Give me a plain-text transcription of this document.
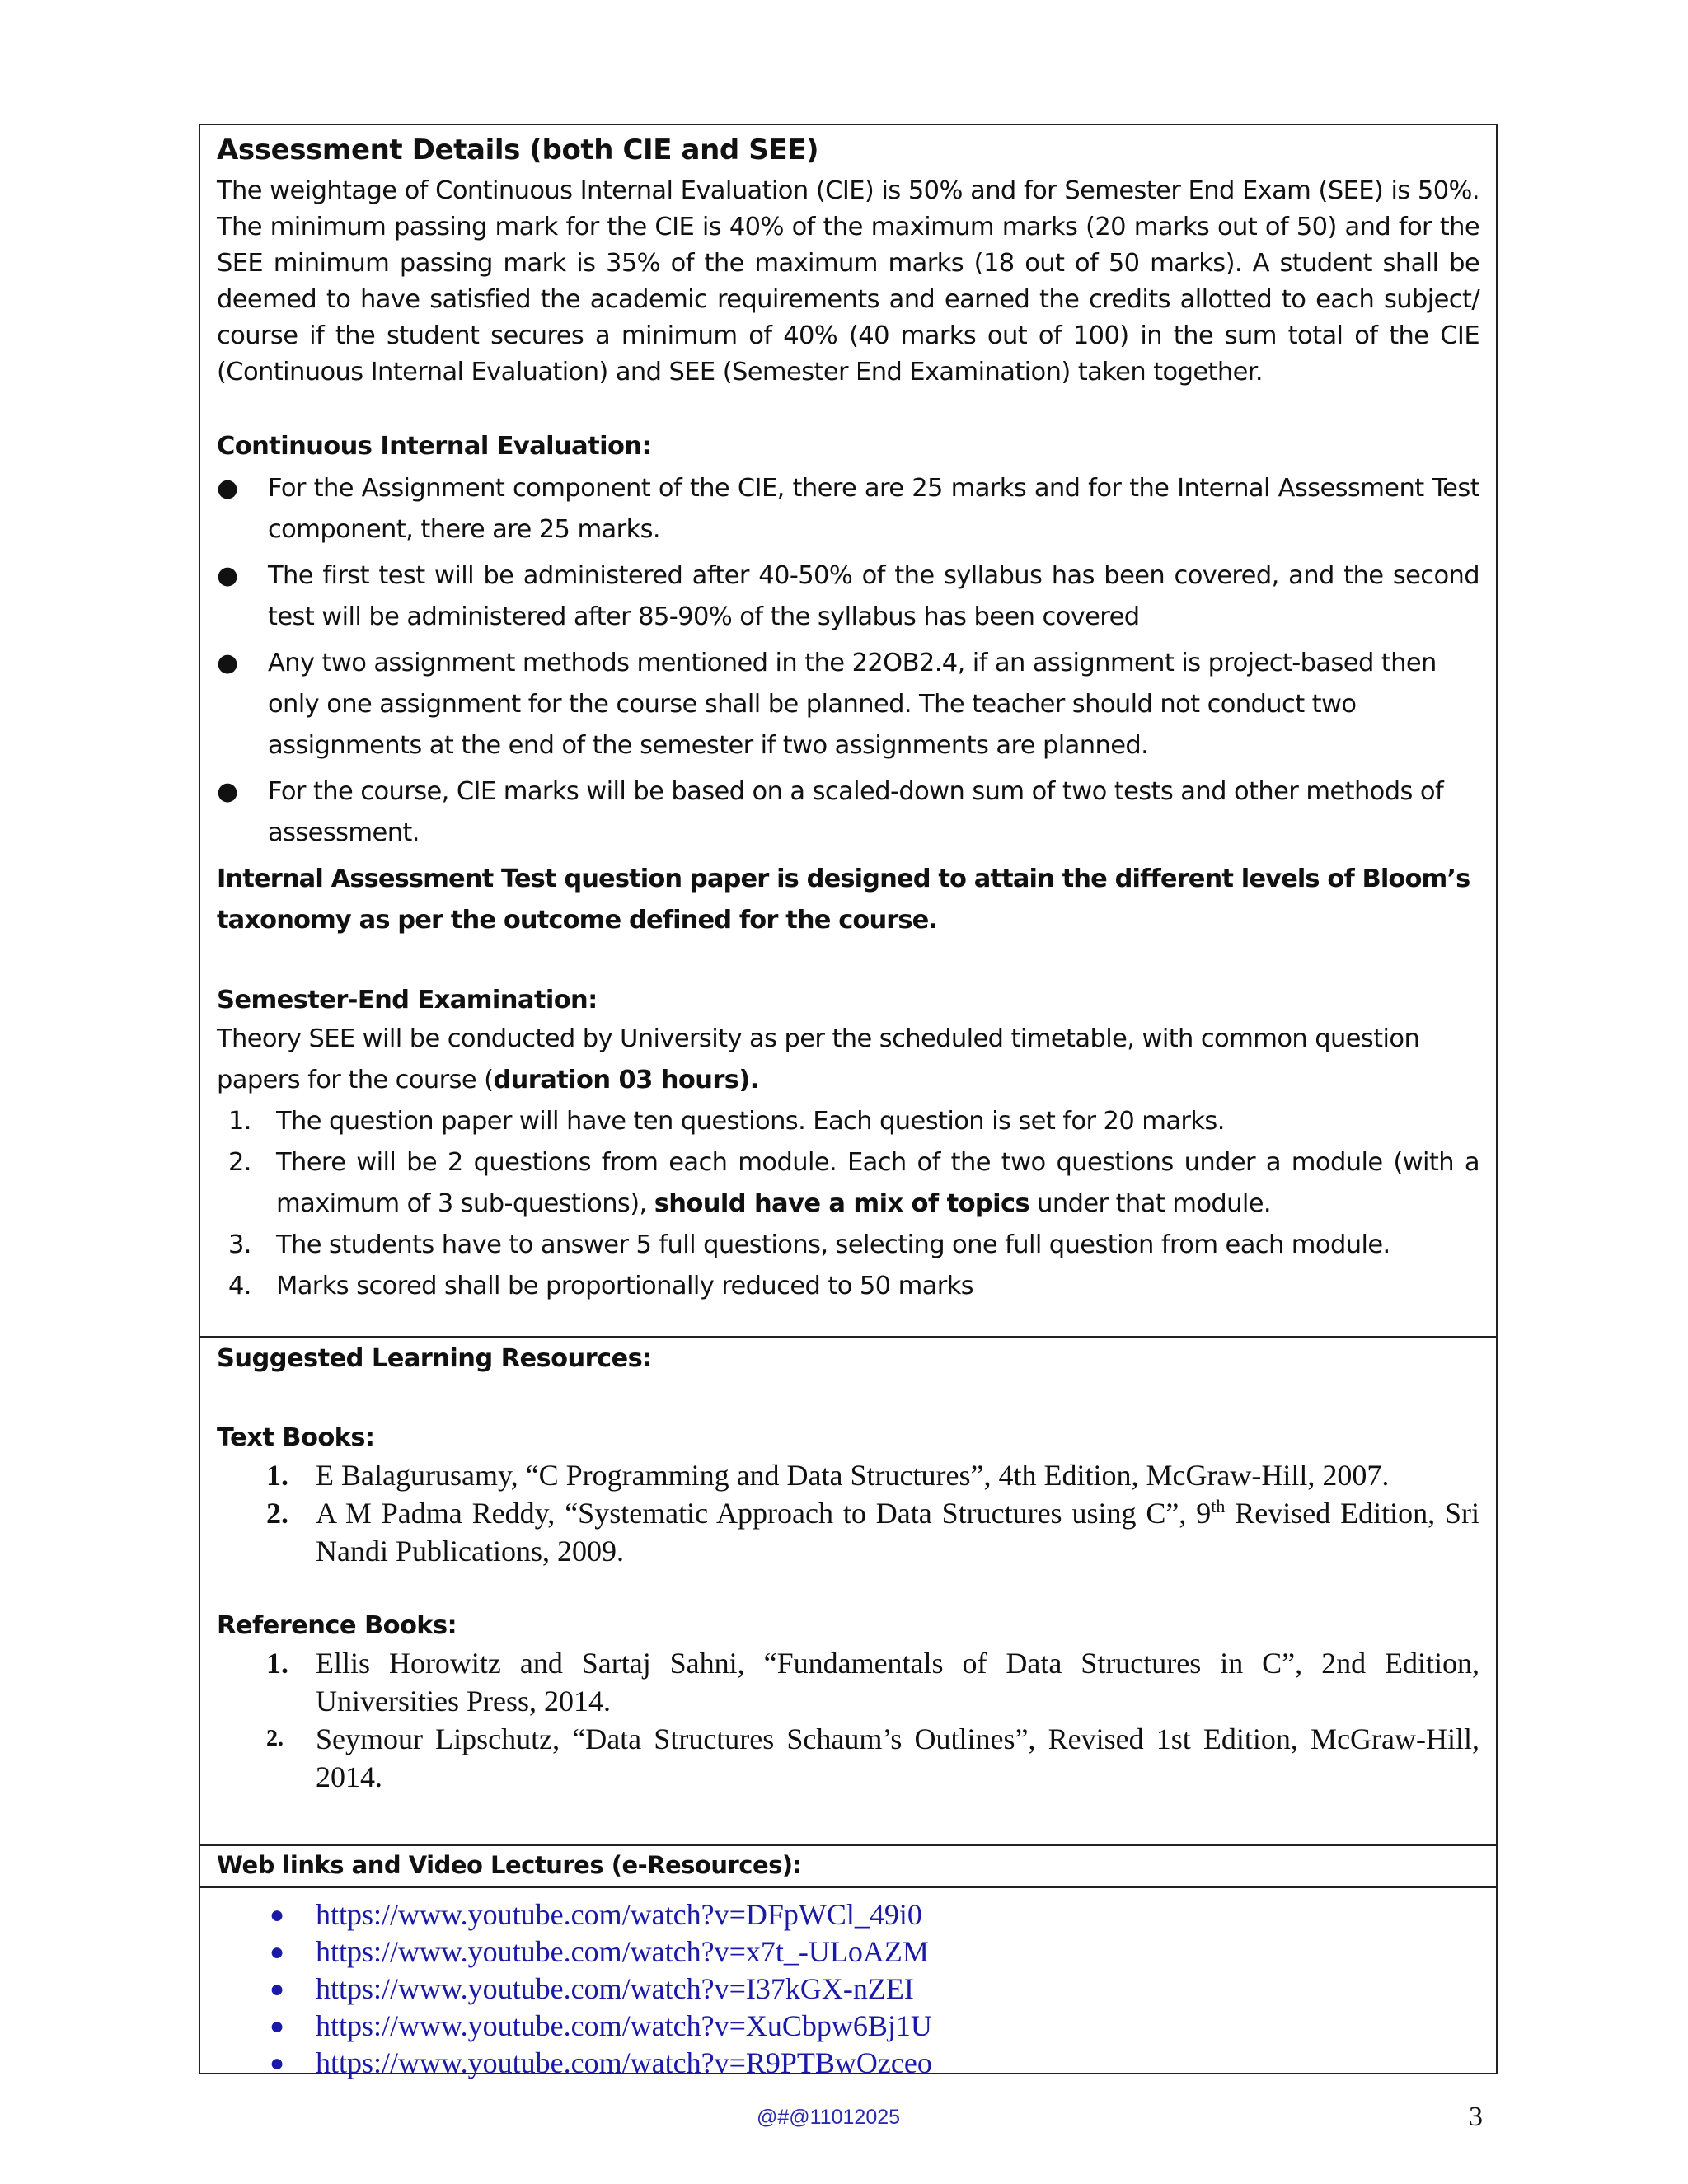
Assessment Details (both CIE and SEE)

The weightage of Continuous Internal Evaluation (CIE) is 50% and for Semester End Exam (SEE) is 50%. The minimum passing mark for the CIE is 40% of the maximum marks (20 marks out of 50) and for the SEE minimum passing mark is 35% of the maximum marks (18 out of 50 marks). A student shall be deemed to have satisfied the academic requirements and earned the credits allotted to each subject/ course if the student secures a minimum of 40% (40 marks out of 100) in the sum total of the CIE (Continuous Internal Evaluation) and SEE (Semester End Examination) taken together.

Continuous Internal Evaluation:

● For the Assignment component of the CIE, there are 25 marks and for the Internal Assessment Test component, there are 25 marks.
● The first test will be administered after 40-50% of the syllabus has been covered, and the second test will be administered after 85-90% of the syllabus has been covered
● Any two assignment methods mentioned in the 22OB2.4, if an assignment is project-based then only one assignment for the course shall be planned. The teacher should not conduct two assignments at the end of the semester if two assignments are planned.
● For the course, CIE marks will be based on a scaled-down sum of two tests and other methods of assessment.

Internal Assessment Test question paper is designed to attain the different levels of Bloom’s taxonomy as per the outcome defined for the course.

Semester-End Examination:

Theory SEE will be conducted by University as per the scheduled timetable, with common question papers for the course (duration 03 hours).

1. The question paper will have ten questions. Each question is set for 20 marks.
2. There will be 2 questions from each module. Each of the two questions under a module (with a maximum of 3 sub-questions), should have a mix of topics under that module.
3. The students have to answer 5 full questions, selecting one full question from each module.
4. Marks scored shall be proportionally reduced to 50 marks

Suggested Learning Resources:

Text Books:

1. E Balagurusamy, “C Programming and Data Structures”, 4th Edition, McGraw-Hill, 2007.
2. A M Padma Reddy, “Systematic Approach to Data Structures using C”, 9th Revised Edition, Sri Nandi Publications, 2009.

Reference Books:

1. Ellis Horowitz and Sartaj Sahni, “Fundamentals of Data Structures in C”, 2nd Edition, Universities Press, 2014.
2. Seymour Lipschutz, “Data Structures Schaum’s Outlines”, Revised 1st Edition, McGraw-Hill, 2014.

Web links and Video Lectures (e-Resources):

● https://www.youtube.com/watch?v=DFpWCl_49i0
● https://www.youtube.com/watch?v=x7t_-ULoAZM
● https://www.youtube.com/watch?v=I37kGX-nZEI
● https://www.youtube.com/watch?v=XuCbpw6Bj1U
● https://www.youtube.com/watch?v=R9PTBwOzceo
@#@11012025	3
